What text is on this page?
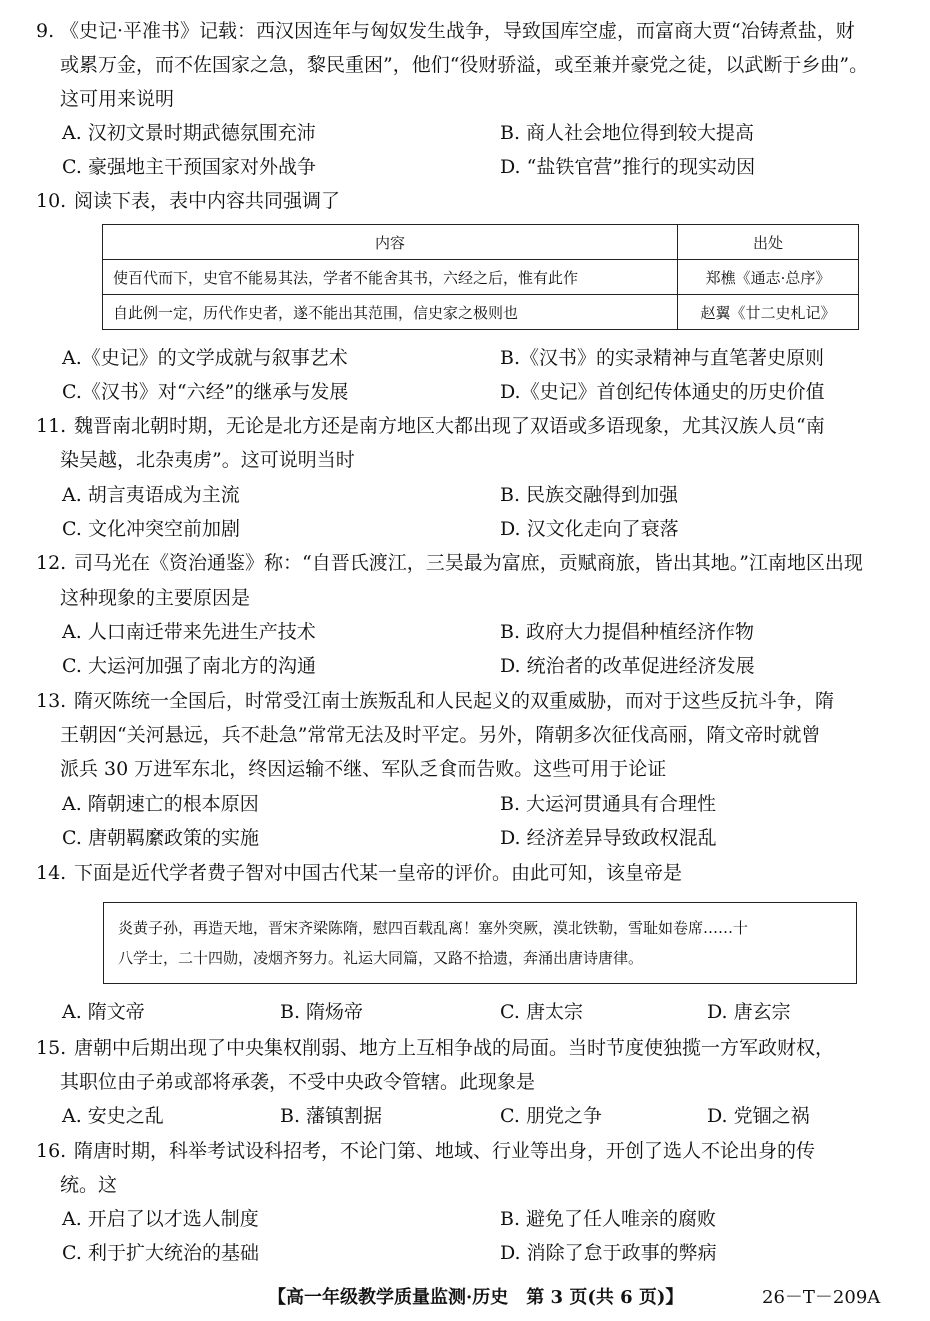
9. 《史记·平准书》记载：西汉因连年与匈奴发生战争，导致国库空虚，而富商大贾“冶铸煮盐，财
或累万金，而不佐国家之急，黎民重困”，他们“役财骄溢，或至兼并豪党之徒，以武断于乡曲”。
这可用来说明
A. 汉初文景时期武德氛围充沛	B. 商人社会地位得到较大提高
C. 豪强地主干预国家对外战争	D. “盐铁官营”推行的现实动因
10. 阅读下表，表中内容共同强调了
内容	出处
使百代而下，史官不能易其法，学者不能舍其书，六经之后，惟有此作	郑樵《通志·总序》
自此例一定，历代作史者，遂不能出其范围，信史家之极则也	赵翼《廿二史札记》
A.《史记》的文学成就与叙事艺术	B.《汉书》的实录精神与直笔著史原则
C.《汉书》对“六经”的继承与发展	D.《史记》首创纪传体通史的历史价值
11. 魏晋南北朝时期，无论是北方还是南方地区大都出现了双语或多语现象，尤其汉族人员“南
染吴越，北杂夷虏”。这可说明当时
A. 胡言夷语成为主流	B. 民族交融得到加强
C. 文化冲突空前加剧	D. 汉文化走向了衰落
12. 司马光在《资治通鉴》称：“自晋氏渡江，三吴最为富庶，贡赋商旅，皆出其地。”江南地区出现
这种现象的主要原因是
A. 人口南迁带来先进生产技术	B. 政府大力提倡种植经济作物
C. 大运河加强了南北方的沟通	D. 统治者的改革促进经济发展
13. 隋灭陈统一全国后，时常受江南士族叛乱和人民起义的双重威胁，而对于这些反抗斗争，隋
王朝因“关河悬远，兵不赴急”常常无法及时平定。另外，隋朝多次征伐高丽，隋文帝时就曾
派兵 30 万进军东北，终因运输不继、军队乏食而告败。这些可用于论证
A. 隋朝速亡的根本原因	B. 大运河贯通具有合理性
C. 唐朝羁縻政策的实施	D. 经济差异导致政权混乱
14. 下面是近代学者费子智对中国古代某一皇帝的评价。由此可知，该皇帝是
炎黄子孙，再造天地，晋宋齐梁陈隋，慰四百载乱离！塞外突厥，漠北铁勒，雪耻如卷席……十
八学士，二十四勋，凌烟齐努力。礼运大同篇，又路不拾遗，奔涌出唐诗唐律。
A. 隋文帝	B. 隋炀帝	C. 唐太宗	D. 唐玄宗
15. 唐朝中后期出现了中央集权削弱、地方上互相争战的局面。当时节度使独揽一方军政财权，
其职位由子弟或部将承袭，不受中央政令管辖。此现象是
A. 安史之乱	B. 藩镇割据	C. 朋党之争	D. 党锢之祸
16. 隋唐时期，科举考试设科招考，不论门第、地域、行业等出身，开创了选人不论出身的传
统。这
A. 开启了以才选人制度	B. 避免了任人唯亲的腐败
C. 利于扩大统治的基础	D. 消除了怠于政事的弊病
【高一年级教学质量监测·历史　第 3 页(共 6 页)】	26－T－209A
